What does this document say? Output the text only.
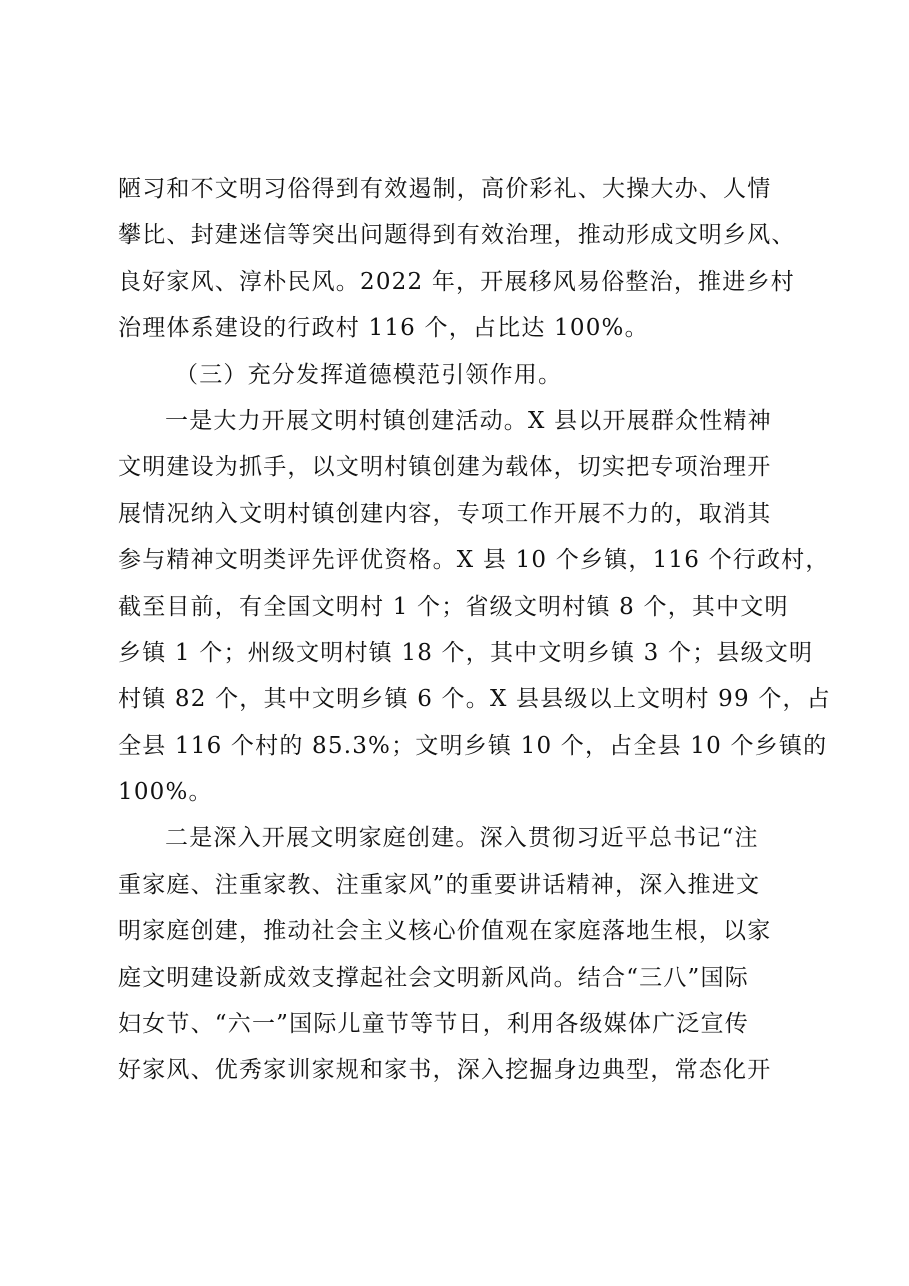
陋习和不文明习俗得到有效遏制，高价彩礼、大操大办、人情
攀比、封建迷信等突出问题得到有效治理，推动形成文明乡风、
良好家风、淳朴民风。2022 年，开展移风易俗整治，推进乡村
治理体系建设的行政村 116 个，占比达 100%。
（三）充分发挥道德模范引领作用。
一是大力开展文明村镇创建活动。X 县以开展群众性精神
文明建设为抓手，以文明村镇创建为载体，切实把专项治理开
展情况纳入文明村镇创建内容，专项工作开展不力的，取消其
参与精神文明类评先评优资格。X 县 10 个乡镇，116 个行政村，
截至目前，有全国文明村 1 个；省级文明村镇 8 个，其中文明
乡镇 1 个；州级文明村镇 18 个，其中文明乡镇 3 个；县级文明
村镇 82 个，其中文明乡镇 6 个。X 县县级以上文明村 99 个，占
全县 116 个村的 85.3%；文明乡镇 10 个，占全县 10 个乡镇的
100%。
二是深入开展文明家庭创建。深入贯彻习近平总书记“注
重家庭、注重家教、注重家风”的重要讲话精神，深入推进文
明家庭创建，推动社会主义核心价值观在家庭落地生根，以家
庭文明建设新成效支撑起社会文明新风尚。结合“三八”国际
妇女节、“六一”国际儿童节等节日，利用各级媒体广泛宣传
好家风、优秀家训家规和家书，深入挖掘身边典型，常态化开
